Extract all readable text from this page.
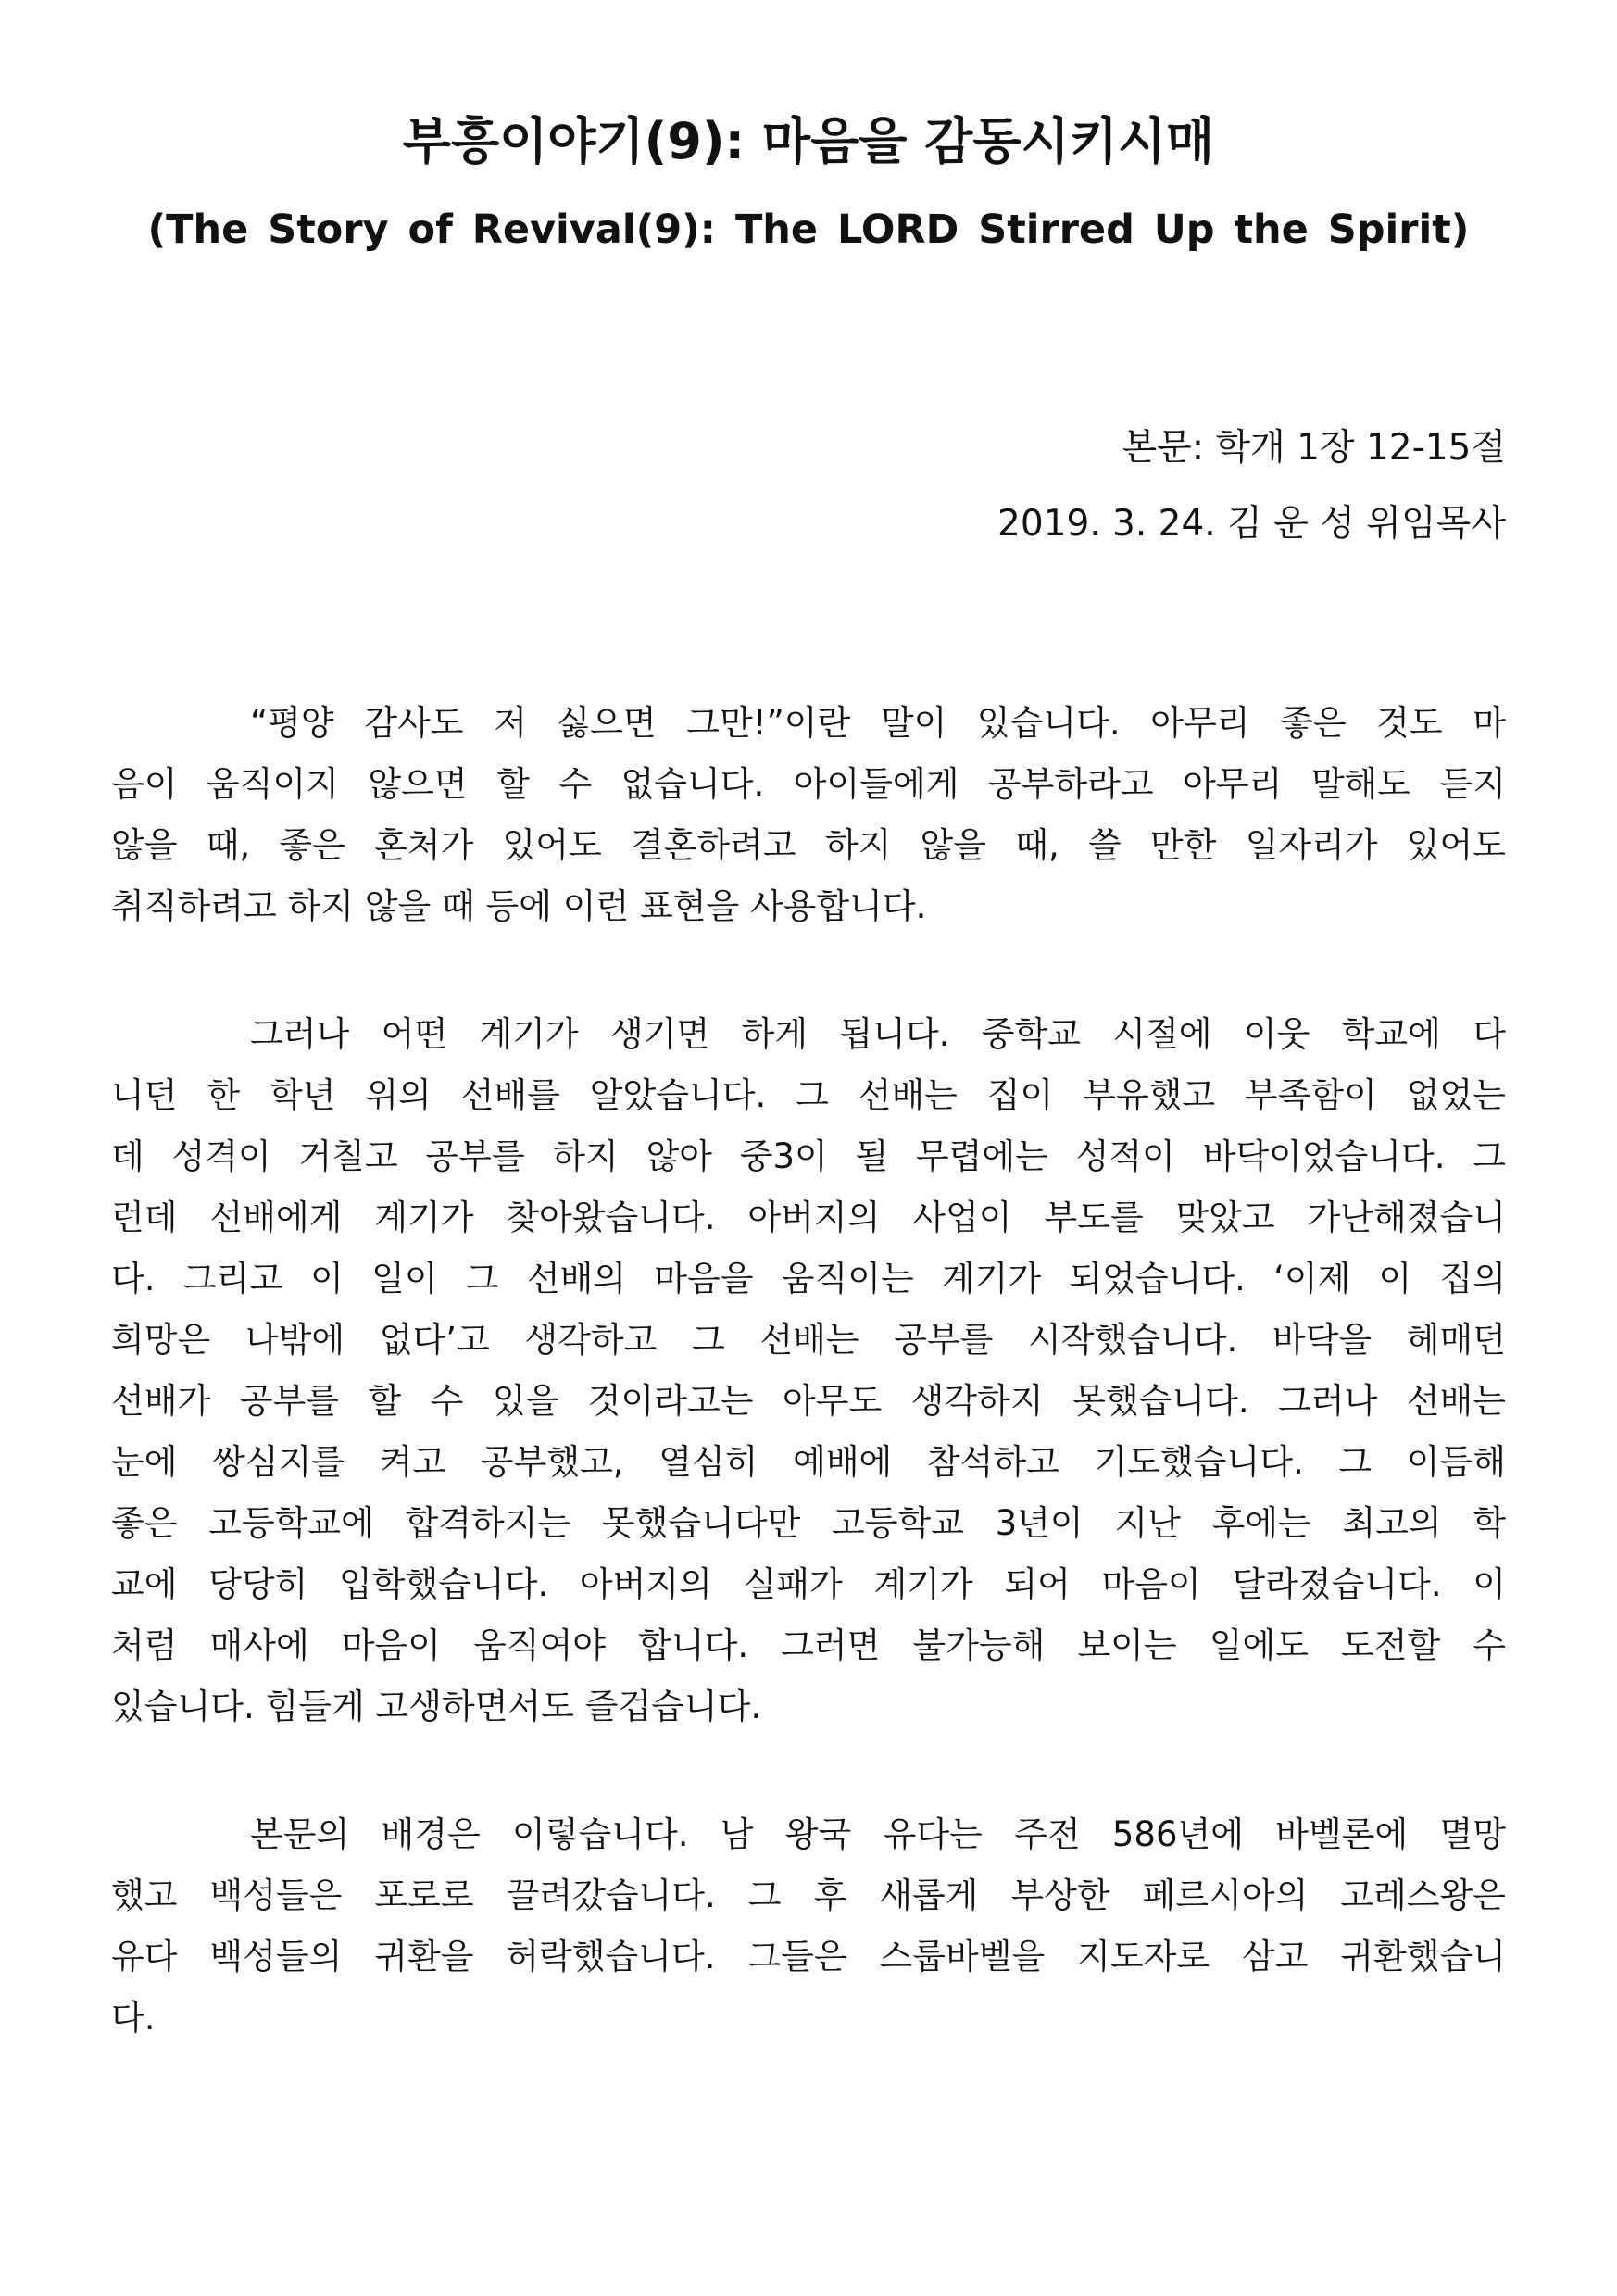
부흥이야기(9): 마음을 감동시키시매
(The Story of Revival(9): The LORD Stirred Up the Spirit)
본문: 학개 1장 12-15절
2019. 3. 24. 김 운 성 위임목사
“평양 감사도 저 싫으면 그만!”이란 말이 있습니다. 아무리 좋은 것도 마
음이 움직이지 않으면 할 수 없습니다. 아이들에게 공부하라고 아무리 말해도 듣지
않을 때, 좋은 혼처가 있어도 결혼하려고 하지 않을 때, 쓸 만한 일자리가 있어도
취직하려고 하지 않을 때 등에 이런 표현을 사용합니다.
그러나 어떤 계기가 생기면 하게 됩니다. 중학교 시절에 이웃 학교에 다
니던 한 학년 위의 선배를 알았습니다. 그 선배는 집이 부유했고 부족함이 없었는
데 성격이 거칠고 공부를 하지 않아 중3이 될 무렵에는 성적이 바닥이었습니다. 그
런데 선배에게 계기가 찾아왔습니다. 아버지의 사업이 부도를 맞았고 가난해졌습니
다. 그리고 이 일이 그 선배의 마음을 움직이는 계기가 되었습니다. ‘이제 이 집의
희망은 나밖에 없다’고 생각하고 그 선배는 공부를 시작했습니다. 바닥을 헤매던
선배가 공부를 할 수 있을 것이라고는 아무도 생각하지 못했습니다. 그러나 선배는
눈에 쌍심지를 켜고 공부했고, 열심히 예배에 참석하고 기도했습니다. 그 이듬해
좋은 고등학교에 합격하지는 못했습니다만 고등학교 3년이 지난 후에는 최고의 학
교에 당당히 입학했습니다. 아버지의 실패가 계기가 되어 마음이 달라졌습니다. 이
처럼 매사에 마음이 움직여야 합니다. 그러면 불가능해 보이는 일에도 도전할 수
있습니다. 힘들게 고생하면서도 즐겁습니다.
본문의 배경은 이렇습니다. 남 왕국 유다는 주전 586년에 바벨론에 멸망
했고 백성들은 포로로 끌려갔습니다. 그 후 새롭게 부상한 페르시아의 고레스왕은
유다 백성들의 귀환을 허락했습니다. 그들은 스룹바벨을 지도자로 삼고 귀환했습니
다.
